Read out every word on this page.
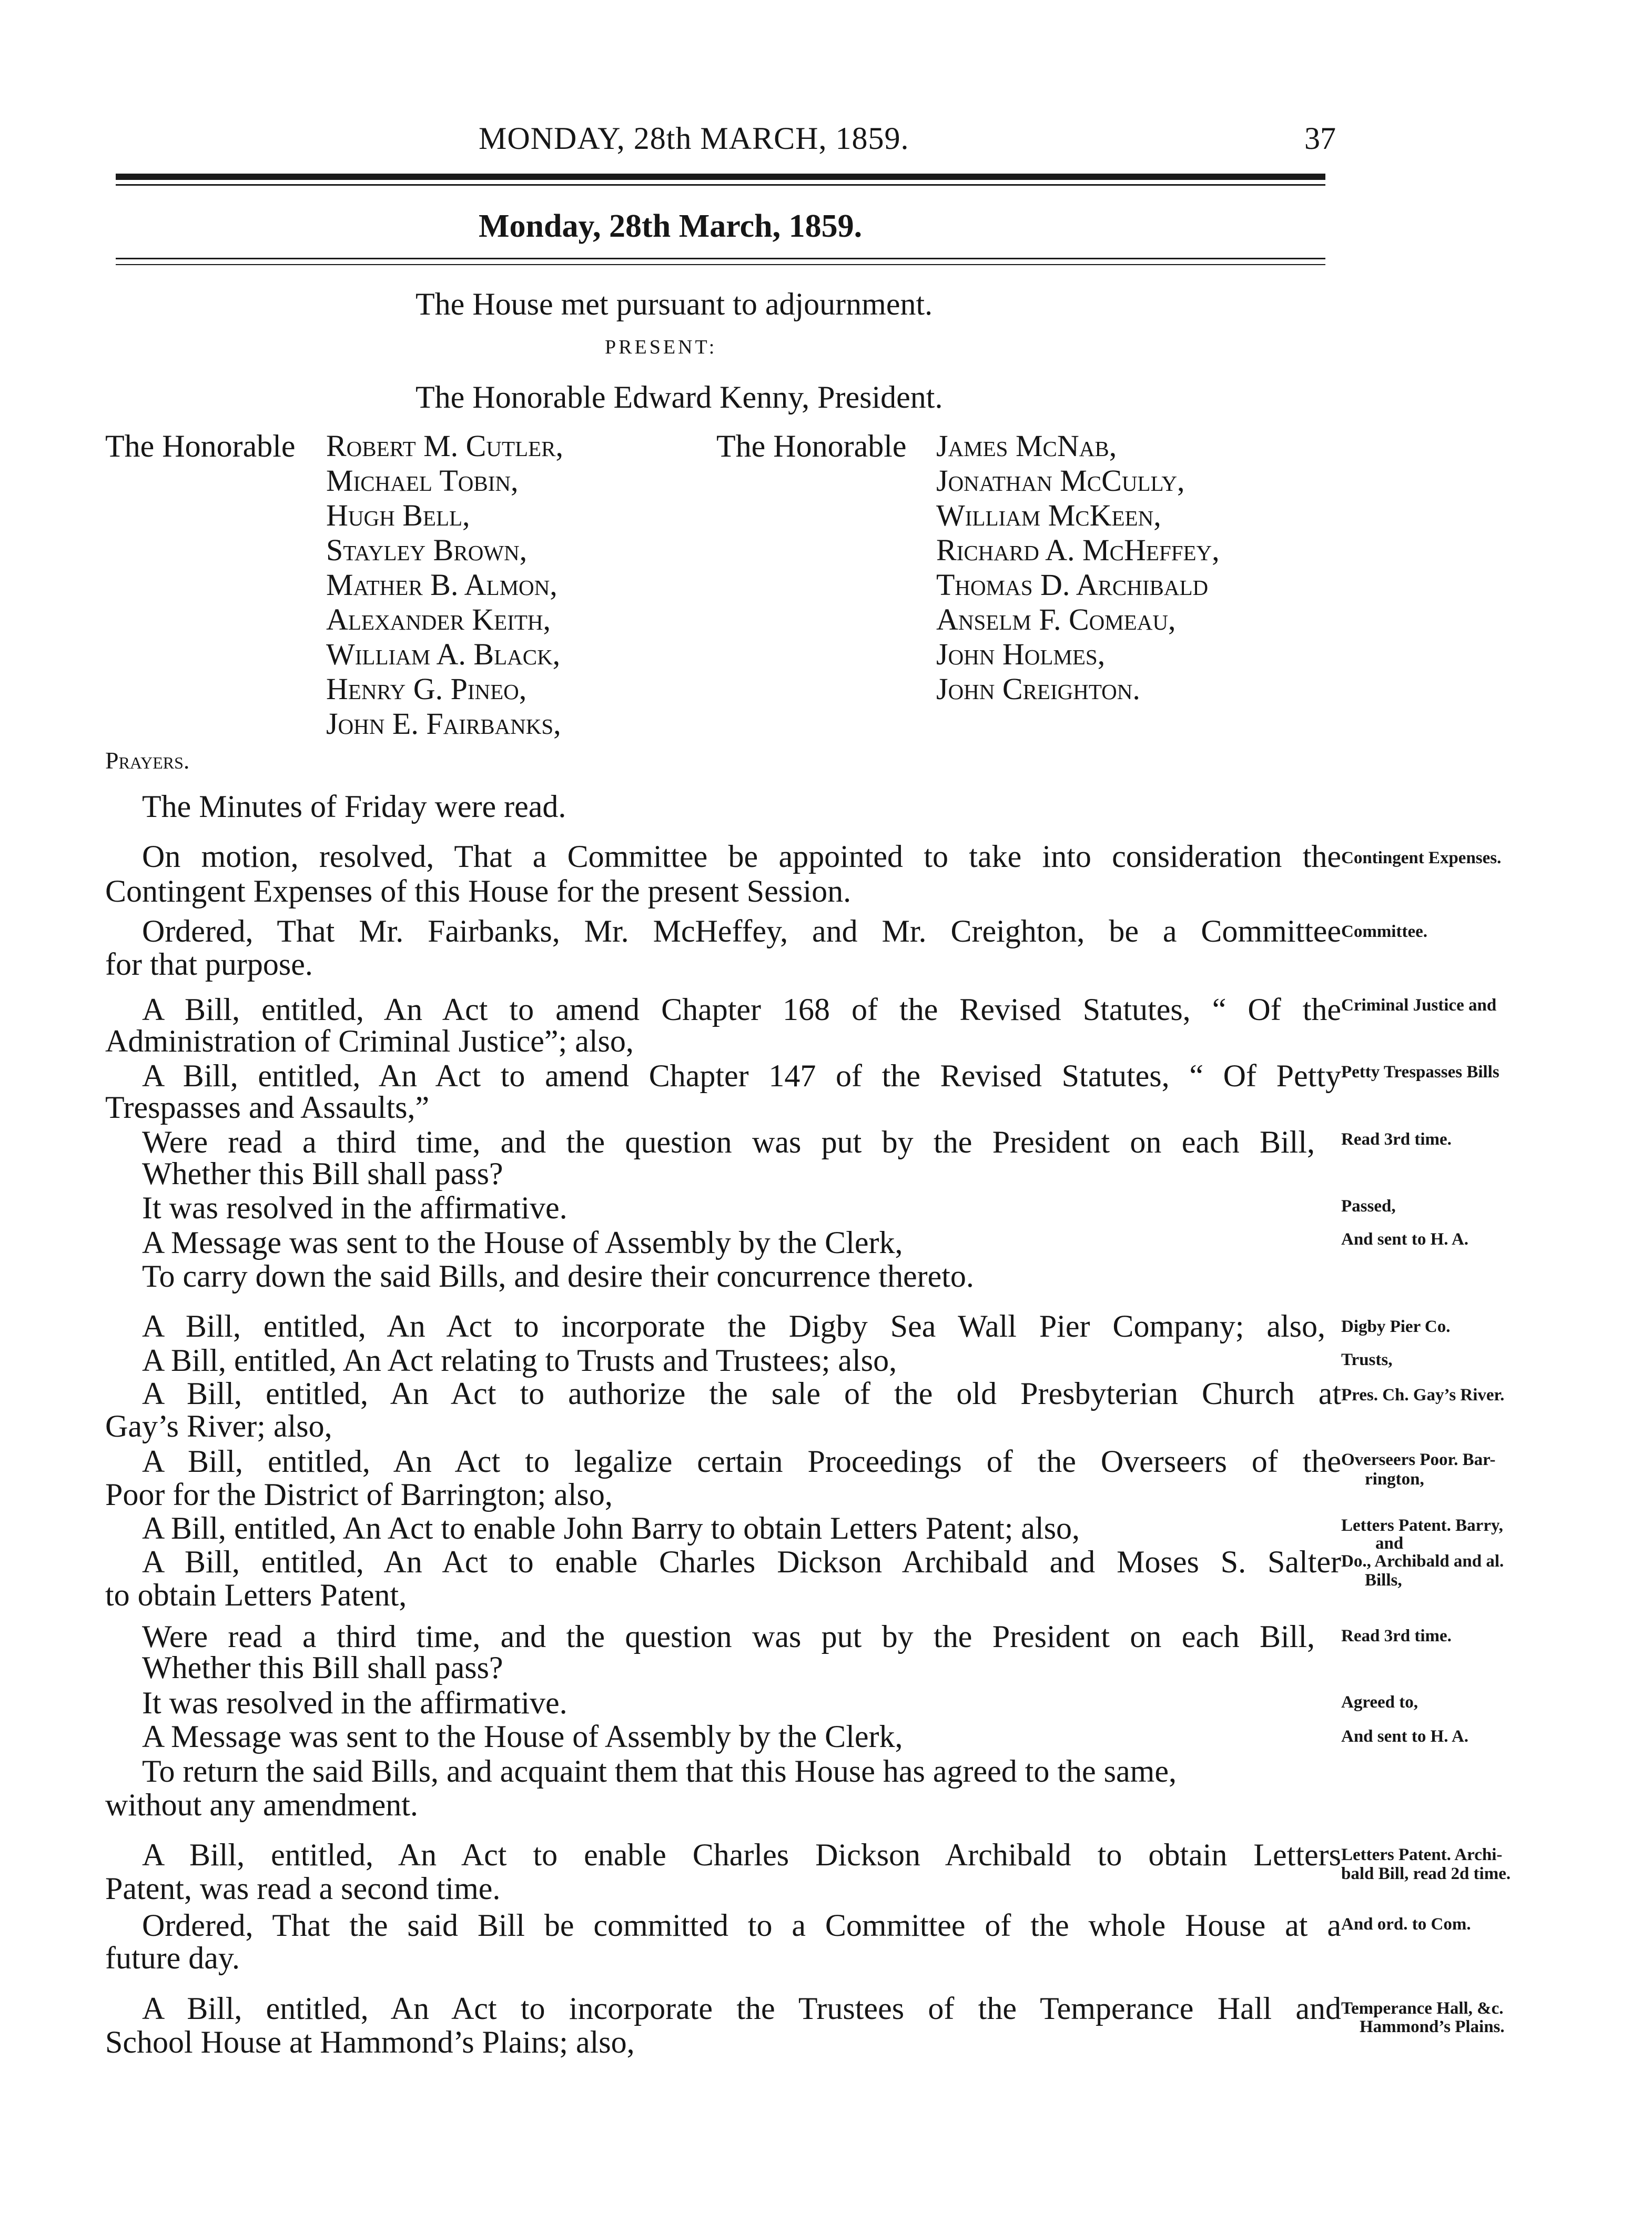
MONDAY, 28th MARCH, 1859.	37
Monday, 28th March, 1859.
The House met pursuant to adjournment.
PRESENT:
The Honorable Edward Kenny, President.
The Honorable Robert M. Cutler,
Michael Tobin,
Hugh Bell,
Stayley Brown,
Mather B. Almon,
Alexander Keith,
William A. Black,
Henry G. Pineo,
John E. Fairbanks,
The Honorable James McNab,
Jonathan McCully,
William McKeen,
Richard A. McHeffey,
Thomas D. Archibald
Anselm F. Comeau,
John Holmes,
John Creighton.
Prayers.
The Minutes of Friday were read.
On motion, resolved, That a Committee be appointed to take into consideration the
Contingent Expenses of this House for the present Session.
Ordered, That Mr. Fairbanks, Mr. McHeffey, and Mr. Creighton, be a Committee
for that purpose.
A Bill, entitled, An Act to amend Chapter 168 of the Revised Statutes, “ Of the
Administration of Criminal Justice”; also,
A Bill, entitled, An Act to amend Chapter 147 of the Revised Statutes, “ Of Petty
Trespasses and Assaults,”
Were read a third time, and the question was put by the President on each Bill,
Whether this Bill shall pass?
It was resolved in the affirmative.
A Message was sent to the House of Assembly by the Clerk,
To carry down the said Bills, and desire their concurrence thereto.
A Bill, entitled, An Act to incorporate the Digby Sea Wall Pier Company; also,
A Bill, entitled, An Act relating to Trusts and Trustees; also,
A Bill, entitled, An Act to authorize the sale of the old Presbyterian Church at
Gay’s River; also,
A Bill, entitled, An Act to legalize certain Proceedings of the Overseers of the
Poor for the District of Barrington; also,
A Bill, entitled, An Act to enable John Barry to obtain Letters Patent; also,
A Bill, entitled, An Act to enable Charles Dickson Archibald and Moses S. Salter
to obtain Letters Patent,
Were read a third time, and the question was put by the President on each Bill,
Whether this Bill shall pass?
It was resolved in the affirmative.
A Message was sent to the House of Assembly by the Clerk,
To return the said Bills, and acquaint them that this House has agreed to the same,
without any amendment.
A Bill, entitled, An Act to enable Charles Dickson Archibald to obtain Letters
Patent, was read a second time.
Ordered, That the said Bill be committed to a Committee of the whole House at a
future day.
A Bill, entitled, An Act to incorporate the Trustees of the Temperance Hall and
School House at Hammond’s Plains; also,
Contingent Expenses.
Committee.
Criminal Justice and
Petty Trespasses Bills
Read 3rd time.
Passed,
And sent to H. A.
Digby Pier Co.
Trusts,
Pres. Ch. Gay’s River.
Overseers Poor. Bar-
rington,
Letters Patent. Barry,
and
Do., Archibald and al.
Bills,
Read 3rd time.
Agreed to,
And sent to H. A.
Letters Patent. Archi-
bald Bill, read 2d time.
And ord. to Com.
Temperance Hall, &c.
Hammond’s Plains.
